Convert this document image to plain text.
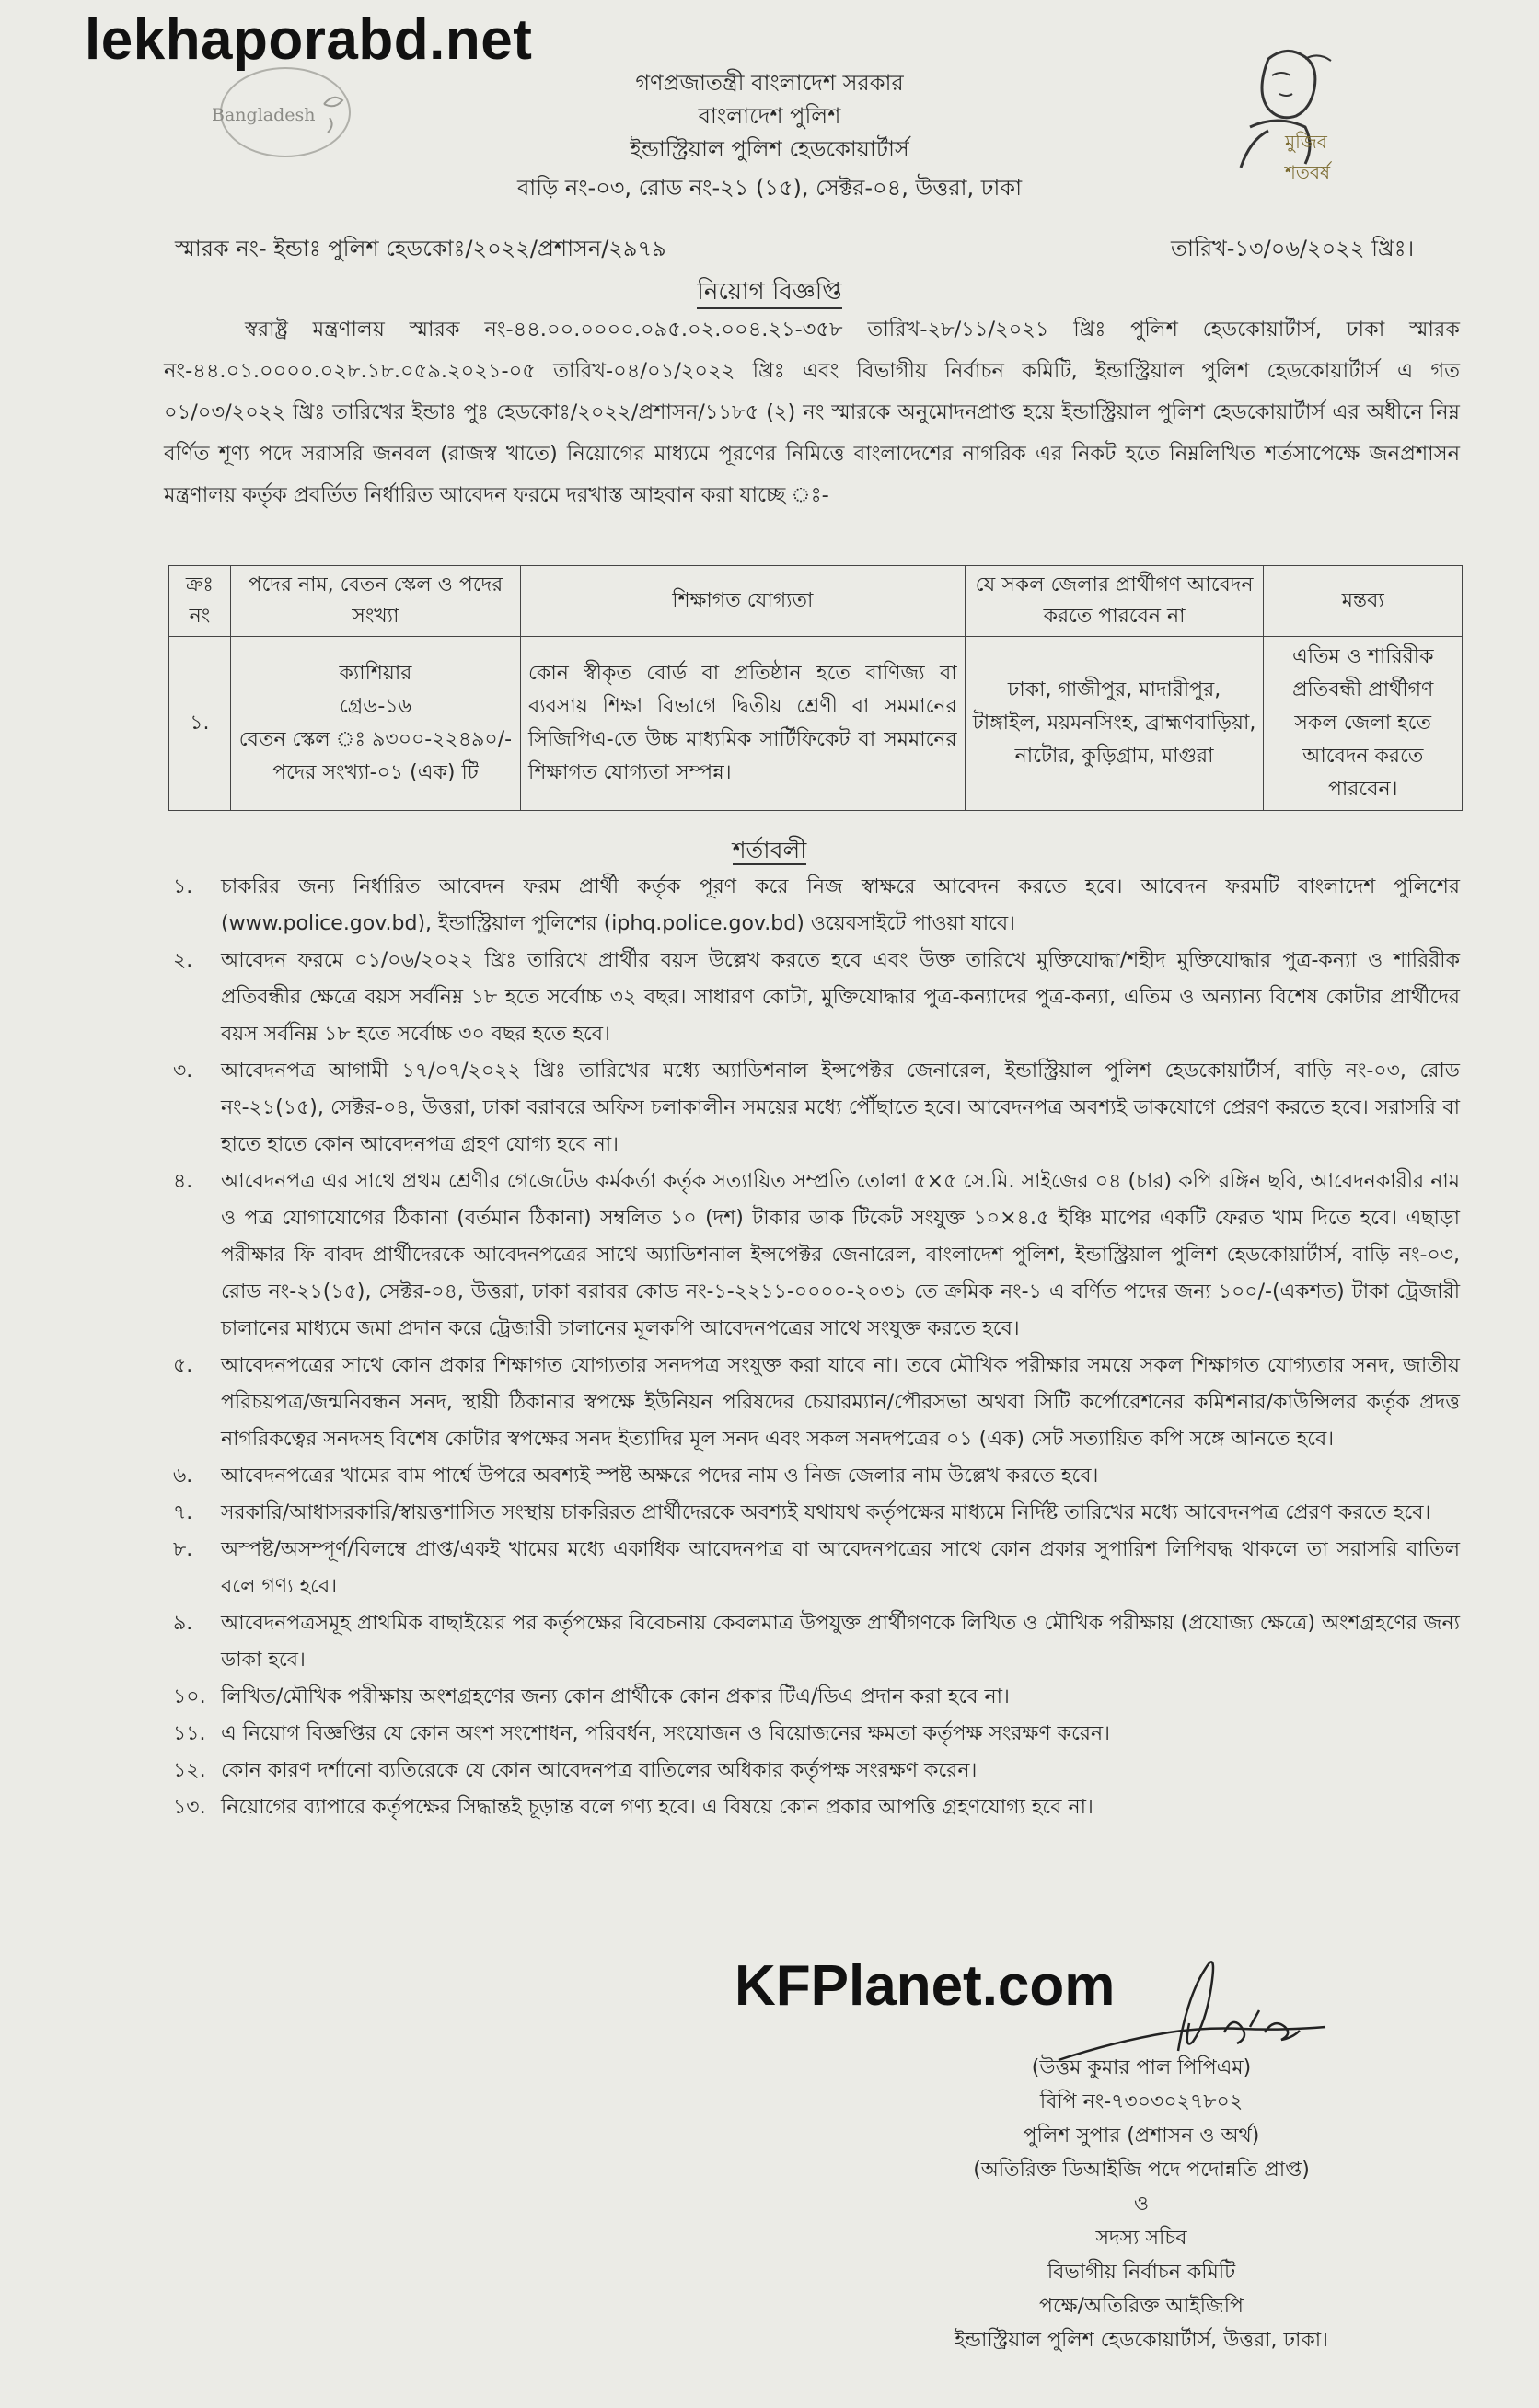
lekhaporabd.net
Bangladesh
মুজিব শতবর্ষ
গণপ্রজাতন্ত্রী বাংলাদেশ সরকার
বাংলাদেশ পুলিশ
ইন্ডাস্ট্রিয়াল পুলিশ হেডকোয়ার্টার্স
বাড়ি নং-০৩, রোড নং-২১ (১৫), সেক্টর-০৪, উত্তরা, ঢাকা
স্মারক নং- ইন্ডাঃ পুলিশ হেডকোঃ/২০২২/প্রশাসন/২৯৭৯	তারিখ-১৩/০৬/২০২২ খ্রিঃ।
নিয়োগ বিজ্ঞপ্তি
স্বরাষ্ট্র মন্ত্রণালয় স্মারক নং-৪৪.০০.০০০০.০৯৫.০২.০০৪.২১-৩৫৮ তারিখ-২৮/১১/২০২১ খ্রিঃ পুলিশ হেডকোয়ার্টার্স, ঢাকা স্মারক নং-৪৪.০১.০০০০.০২৮.১৮.০৫৯.২০২১-০৫ তারিখ-০৪/০১/২০২২ খ্রিঃ এবং বিভাগীয় নির্বাচন কমিটি, ইন্ডাস্ট্রিয়াল পুলিশ হেডকোয়ার্টার্স এ গত ০১/০৩/২০২২ খ্রিঃ তারিখের ইন্ডাঃ পুঃ হেডকোঃ/২০২২/প্রশাসন/১১৮৫ (২) নং স্মারকে অনুমোদনপ্রাপ্ত হয়ে ইন্ডাস্ট্রিয়াল পুলিশ হেডকোয়ার্টার্স এর অধীনে নিম্ন বর্ণিত শূণ্য পদে সরাসরি জনবল (রাজস্ব খাতে) নিয়োগের মাধ্যমে পূরণের নিমিত্তে বাংলাদেশের নাগরিক এর নিকট হতে নিম্নলিখিত শর্তসাপেক্ষে জনপ্রশাসন মন্ত্রণালয় কর্তৃক প্রবর্তিত নির্ধারিত আবেদন ফরমে দরখাস্ত আহবান করা যাচ্ছে ঃ-
ক্রঃ নং	পদের নাম, বেতন স্কেল ও পদের সংখ্যা	শিক্ষাগত যোগ্যতা	যে সকল জেলার প্রার্থীগণ আবেদন করতে পারবেন না	মন্তব্য
১.	ক্যাশিয়ার
গ্রেড-১৬
বেতন স্কেল ঃ ৯৩০০-২২৪৯০/-
পদের সংখ্যা-০১ (এক) টি	কোন স্বীকৃত বোর্ড বা প্রতিষ্ঠান হতে বাণিজ্য বা ব্যবসায় শিক্ষা বিভাগে দ্বিতীয় শ্রেণী বা সমমানের সিজিপিএ-তে উচ্চ মাধ্যমিক সার্টিফিকেট বা সমমানের শিক্ষাগত যোগ্যতা সম্পন্ন।	ঢাকা, গাজীপুর, মাদারীপুর, টাঙ্গাইল, ময়মনসিংহ, ব্রাহ্মণবাড়িয়া, নাটোর, কুড়িগ্রাম, মাগুরা	এতিম ও শারিরীক প্রতিবন্ধী প্রার্থীগণ সকল জেলা হতে আবেদন করতে পারবেন।
শর্তাবলী
১.	চাকরির জন্য নির্ধারিত আবেদন ফরম প্রার্থী কর্তৃক পূরণ করে নিজ স্বাক্ষরে আবেদন করতে হবে। আবেদন ফরমটি বাংলাদেশ পুলিশের (www.police.gov.bd), ইন্ডাস্ট্রিয়াল পুলিশের (iphq.police.gov.bd) ওয়েবসাইটে পাওয়া যাবে।
২.	আবেদন ফরমে ০১/০৬/২০২২ খ্রিঃ তারিখে প্রার্থীর বয়স উল্লেখ করতে হবে এবং উক্ত তারিখে মুক্তিযোদ্ধা/শহীদ মুক্তিযোদ্ধার পুত্র-কন্যা ও শারিরীক প্রতিবন্ধীর ক্ষেত্রে বয়স সর্বনিম্ন ১৮ হতে সর্বোচ্চ ৩২ বছর। সাধারণ কোটা, মুক্তিযোদ্ধার পুত্র-কন্যাদের পুত্র-কন্যা, এতিম ও অন্যান্য বিশেষ কোটার প্রার্থীদের বয়স সর্বনিম্ন ১৮ হতে সর্বোচ্চ ৩০ বছর হতে হবে।
৩.	আবেদনপত্র আগামী ১৭/০৭/২০২২ খ্রিঃ তারিখের মধ্যে অ্যাডিশনাল ইন্সপেক্টর জেনারেল, ইন্ডাস্ট্রিয়াল পুলিশ হেডকোয়ার্টার্স, বাড়ি নং-০৩, রোড নং-২১(১৫), সেক্টর-০৪, উত্তরা, ঢাকা বরাবরে অফিস চলাকালীন সময়ের মধ্যে পৌঁছাতে হবে। আবেদনপত্র অবশ্যই ডাকযোগে প্রেরণ করতে হবে। সরাসরি বা হাতে হাতে কোন আবেদনপত্র গ্রহণ যোগ্য হবে না।
৪.	আবেদনপত্র এর সাথে প্রথম শ্রেণীর গেজেটেড কর্মকর্তা কর্তৃক সত্যায়িত সম্প্রতি তোলা ৫×৫ সে.মি. সাইজের ০৪ (চার) কপি রঙ্গিন ছবি, আবেদনকারীর নাম ও পত্র যোগাযোগের ঠিকানা (বর্তমান ঠিকানা) সম্বলিত ১০ (দশ) টাকার ডাক টিকেট সংযুক্ত ১০×৪.৫ ইঞ্চি মাপের একটি ফেরত খাম দিতে হবে। এছাড়া পরীক্ষার ফি বাবদ প্রার্থীদেরকে আবেদনপত্রের সাথে অ্যাডিশনাল ইন্সপেক্টর জেনারেল, বাংলাদেশ পুলিশ, ইন্ডাস্ট্রিয়াল পুলিশ হেডকোয়ার্টার্স, বাড়ি নং-০৩, রোড নং-২১(১৫), সেক্টর-০৪, উত্তরা, ঢাকা বরাবর কোড নং-১-২২১১-০০০০-২০৩১ তে ক্রমিক নং-১ এ বর্ণিত পদের জন্য ১০০/-(একশত) টাকা ট্রেজারী চালানের মাধ্যমে জমা প্রদান করে ট্রেজারী চালানের মূলকপি আবেদনপত্রের সাথে সংযুক্ত করতে হবে।
৫.	আবেদনপত্রের সাথে কোন প্রকার শিক্ষাগত যোগ্যতার সনদপত্র সংযুক্ত করা যাবে না। তবে মৌখিক পরীক্ষার সময়ে সকল শিক্ষাগত যোগ্যতার সনদ, জাতীয় পরিচয়পত্র/জন্মনিবন্ধন সনদ, স্থায়ী ঠিকানার স্বপক্ষে ইউনিয়ন পরিষদের চেয়ারম্যান/পৌরসভা অথবা সিটি কর্পোরেশনের কমিশনার/কাউন্সিলর কর্তৃক প্রদত্ত নাগরিকত্বের সনদসহ বিশেষ কোটার স্বপক্ষের সনদ ইত্যাদির মূল সনদ এবং সকল সনদপত্রের ০১ (এক) সেট সত্যায়িত কপি সঙ্গে আনতে হবে।
৬.	আবেদনপত্রের খামের বাম পার্শ্বে উপরে অবশ্যই স্পষ্ট অক্ষরে পদের নাম ও নিজ জেলার নাম উল্লেখ করতে হবে।
৭.	সরকারি/আধাসরকারি/স্বায়ত্তশাসিত সংস্থায় চাকরিরত প্রার্থীদেরকে অবশ্যই যথাযথ কর্তৃপক্ষের মাধ্যমে নির্দিষ্ট তারিখের মধ্যে আবেদনপত্র প্রেরণ করতে হবে।
৮.	অস্পষ্ট/অসম্পূর্ণ/বিলম্বে প্রাপ্ত/একই খামের মধ্যে একাধিক আবেদনপত্র বা আবেদনপত্রের সাথে কোন প্রকার সুপারিশ লিপিবদ্ধ থাকলে তা সরাসরি বাতিল বলে গণ্য হবে।
৯.	আবেদনপত্রসমূহ প্রাথমিক বাছাইয়ের পর কর্তৃপক্ষের বিবেচনায় কেবলমাত্র উপযুক্ত প্রার্থীগণকে লিখিত ও মৌখিক পরীক্ষায় (প্রযোজ্য ক্ষেত্রে) অংশগ্রহণের জন্য ডাকা হবে।
১০. লিখিত/মৌখিক পরীক্ষায় অংশগ্রহণের জন্য কোন প্রার্থীকে কোন প্রকার টিএ/ডিএ প্রদান করা হবে না।
১১. এ নিয়োগ বিজ্ঞপ্তির যে কোন অংশ সংশোধন, পরিবর্ধন, সংযোজন ও বিয়োজনের ক্ষমতা কর্তৃপক্ষ সংরক্ষণ করেন।
১২. কোন কারণ দর্শানো ব্যতিরেকে যে কোন আবেদনপত্র বাতিলের অধিকার কর্তৃপক্ষ সংরক্ষণ করেন।
১৩. নিয়োগের ব্যাপারে কর্তৃপক্ষের সিদ্ধান্তই চূড়ান্ত বলে গণ্য হবে। এ বিষয়ে কোন প্রকার আপত্তি গ্রহণযোগ্য হবে না।
KFPlanet.com
(উত্তম কুমার পাল পিপিএম)
বিপি নং-৭৩০৩০২৭৮০২
পুলিশ সুপার (প্রশাসন ও অর্থ)
(অতিরিক্ত ডিআইজি পদে পদোন্নতি প্রাপ্ত)
ও
সদস্য সচিব
বিভাগীয় নির্বাচন কমিটি
পক্ষে/অতিরিক্ত আইজিপি
ইন্ডাস্ট্রিয়াল পুলিশ হেডকোয়ার্টার্স, উত্তরা, ঢাকা।
